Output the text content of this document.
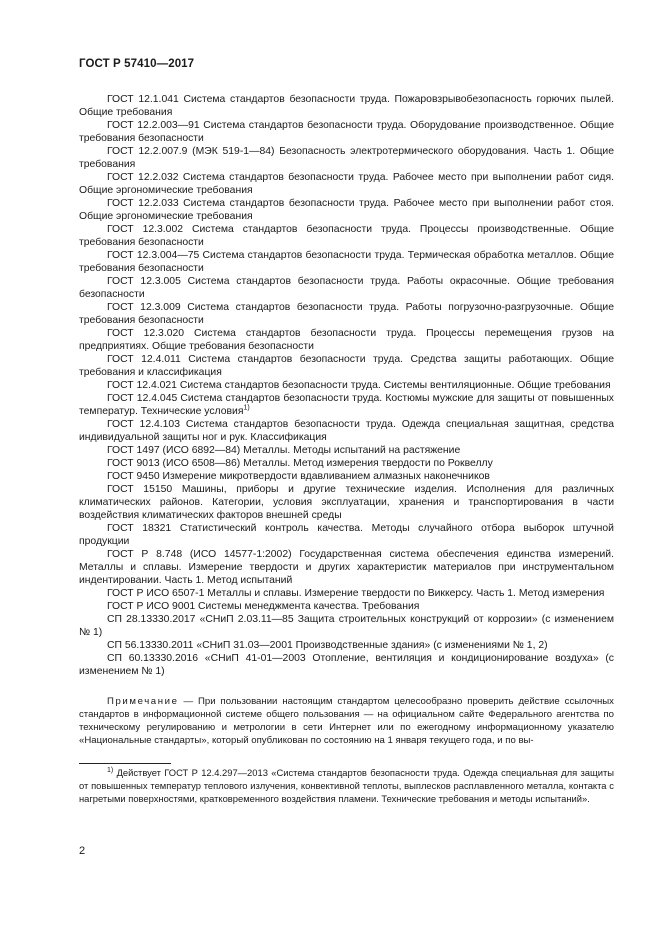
ГОСТ Р 57410—2017

ГОСТ 12.1.041 Система стандартов безопасности труда. Пожаровзрывобезопасность горючих пылей. Общие требования

ГОСТ 12.2.003—91 Система стандартов безопасности труда. Оборудование производственное. Общие требования безопасности

ГОСТ 12.2.007.9 (МЭК 519-1—84) Безопасность электротермического оборудования. Часть 1. Общие требования

ГОСТ 12.2.032 Система стандартов безопасности труда. Рабочее место при выполнении работ сидя. Общие эргономические требования

ГОСТ 12.2.033 Система стандартов безопасности труда. Рабочее место при выполнении работ стоя. Общие эргономические требования

ГОСТ 12.3.002 Система стандартов безопасности труда. Процессы производственные. Общие требования безопасности

ГОСТ 12.3.004—75 Система стандартов безопасности труда. Термическая обработка металлов. Общие требования безопасности

ГОСТ 12.3.005 Система стандартов безопасности труда. Работы окрасочные. Общие требования безопасности

ГОСТ 12.3.009 Система стандартов безопасности труда. Работы погрузочно-разгрузочные. Общие требования безопасности

ГОСТ 12.3.020 Система стандартов безопасности труда. Процессы перемещения грузов на предприятиях. Общие требования безопасности

ГОСТ 12.4.011 Система стандартов безопасности труда. Средства защиты работающих. Общие требования и классификация

ГОСТ 12.4.021 Система стандартов безопасности труда. Системы вентиляционные. Общие требования

ГОСТ 12.4.045 Система стандартов безопасности труда. Костюмы мужские для защиты от повышенных температур. Технические условия$^{1)}$

ГОСТ 12.4.103 Система стандартов безопасности труда. Одежда специальная защитная, средства индивидуальной защиты ног и рук. Классификация

ГОСТ 1497 (ИСО 6892—84) Металлы. Методы испытаний на растяжение

ГОСТ 9013 (ИСО 6508—86) Металлы. Метод измерения твердости по Роквеллу

ГОСТ 9450 Измерение микротвердости вдавливанием алмазных наконечников

ГОСТ 15150 Машины, приборы и другие технические изделия. Исполнения для различных климатических районов. Категории, условия эксплуатации, хранения и транспортирования в части воздействия климатических факторов внешней среды

ГОСТ 18321 Статистический контроль качества. Методы случайного отбора выборок штучной продукции

ГОСТ Р 8.748 (ИСО 14577-1:2002) Государственная система обеспечения единства измерений. Металлы и сплавы. Измерение твердости и других характеристик материалов при инструментальном индентировании. Часть 1. Метод испытаний

ГОСТ Р ИСО 6507-1 Металлы и сплавы. Измерение твердости по Виккерсу. Часть 1. Метод измерения

ГОСТ Р ИСО 9001 Системы менеджмента качества. Требования

СП 28.13330.2017 «СНиП 2.03.11—85 Защита строительных конструкций от коррозии» (с изменением № 1)

СП 56.13330.2011 «СНиП 31.03—2001 Производственные здания» (с изменениями № 1, 2)

СП 60.13330.2016 «СНиП 41-01—2003 Отопление, вентиляция и кондиционирование воздуха» (с изменением № 1)

Примечание — При пользовании настоящим стандартом целесообразно проверить действие ссылочных стандартов в информационной системе общего пользования — на официальном сайте Федерального агентства по техническому регулированию и метрологии в сети Интернет или по ежегодному информационному указателю «Национальные стандарты», который опубликован по состоянию на 1 января текущего года, и по вы-

$^{1)}$ Действует ГОСТ Р 12.4.297—2013 «Система стандартов безопасности труда. Одежда специальная для защиты от повышенных температур теплового излучения, конвективной теплоты, выплесков расплавленного металла, контакта с нагретыми поверхностями, кратковременного воздействия пламени. Технические требования и методы испытаний».

2
